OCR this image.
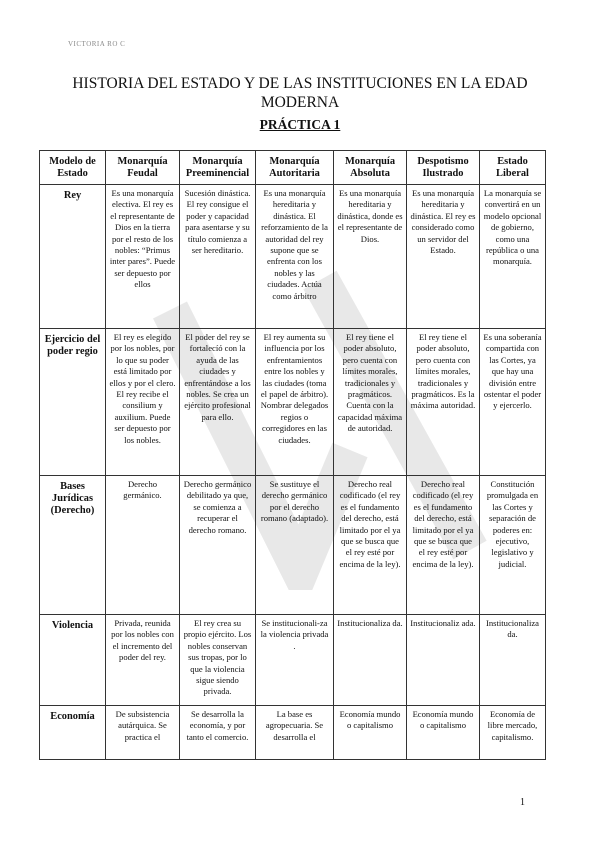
VICTORIA RO C
HISTORIA DEL ESTADO Y DE LAS INSTITUCIONES EN LA EDAD MODERNA
PRÁCTICA 1
Modelo de Estado	Monarquía Feudal	Monarquía Preeminencial	Monarquía Autoritaria	Monarquía Absoluta	Despotismo Ilustrado	Estado Liberal
Rey	Es una monarquía electiva. El rey es el representante de Dios en la tierra por el resto de los nobles: “Primus inter pares”. Puede ser depuesto por ellos	Sucesión dinástica. El rey consigue el poder y capacidad para asentarse y su título comienza a ser hereditario.	Es una monarquía hereditaria y dinástica. El reforzamiento de la autoridad del rey supone que se enfrenta con los nobles y las ciudades. Actúa como árbitro	Es una monarquía hereditaria y dinástica, donde es el representante de Dios.	Es una monarquía hereditaria y dinástica. El rey es considerado como un servidor del Estado.	La monarquía se convertirá en un modelo opcional de gobierno, como una república o una monarquía.
Ejercicio del poder regio	El rey es elegido por los nobles, por lo que su poder está limitado por ellos y por el clero. El rey recibe el consilium y auxilium. Puede ser depuesto por los nobles.	El poder del rey se fortalecíó con la ayuda de las ciudades y enfrentándose a los nobles. Se crea un ejército profesional para ello.	El rey aumenta su influencia por los enfrentamientos entre los nobles y las ciudades (toma el papel de árbitro). Nombrar delegados regios o corregidores en las ciudades.	El rey tiene el poder absoluto, pero cuenta con límites morales, tradicionales y pragmáticos. Cuenta con la capacidad máxima de autoridad.	El rey tiene el poder absoluto, pero cuenta con límites morales, tradicionales y pragmáticos. Es la máxima autoridad.	Es una soberanía compartida con las Cortes, ya que hay una división entre ostentar el poder y ejercerlo.
Bases Jurídicas (Derecho)	Derecho germánico.	Derecho germánico debilitado ya que, se comienza a recuperar el derecho romano.	Se sustituye el derecho germánico por el derecho romano (adaptado).	Derecho real codificado (el rey es el fundamento del derecho, está limitado por el ya que se busca que el rey esté por encima de la ley).	Derecho real codificado (el rey es el fundamento del derecho, está limitado por el ya que se busca que el rey esté por encima de la ley).	Constitución promulgada en las Cortes y separación de poderes en: ejecutivo, legislativo y judicial.
Violencia	Privada, reunida por los nobles con el incremento del poder del rey.	El rey crea su propio ejército. Los nobles conservan sus tropas, por lo que la violencia sigue siendo privada.	Se institucionali-za la violencia privada .	Institucionaliza da.	Institucionaliz ada.	Institucionaliza da.
Economía	De subsistencia autárquica. Se practica el	Se desarrolla la economía, y por tanto el comercio.	La base es agropecuaria. Se desarrolla el	Economía mundo o capitalismo	Economía mundo o capitalismo	Economía de libre mercado, capitalismo.
1
